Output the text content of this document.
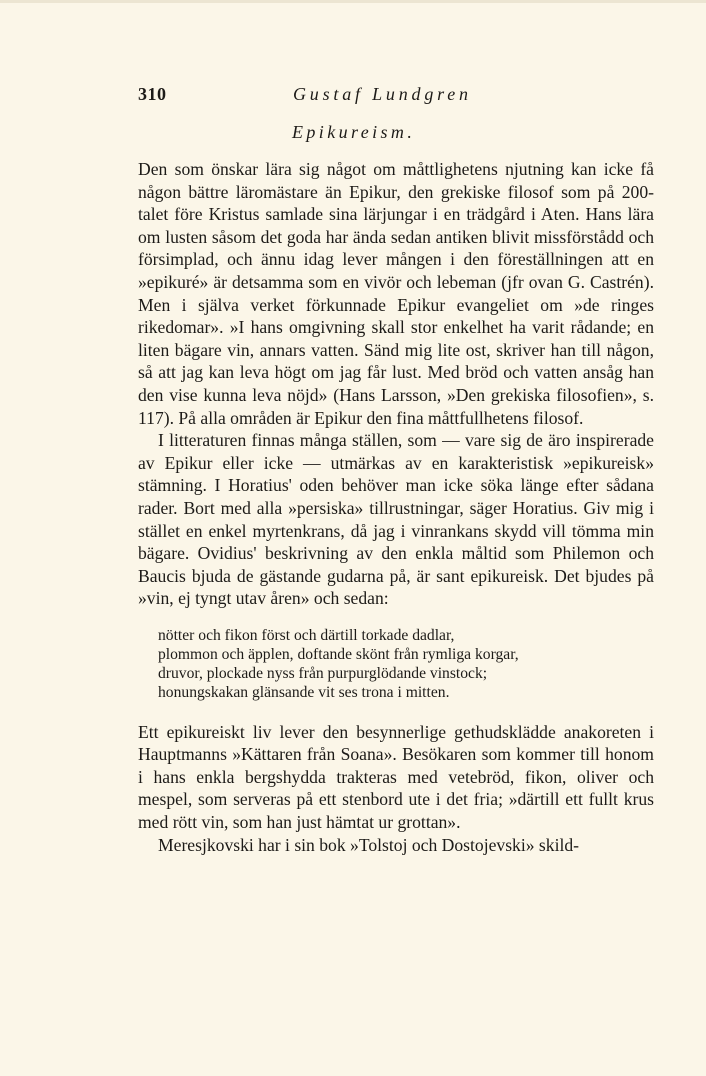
310	Gustaf Lundgren
Epikureism.

Den som önskar lära sig något om måttlighetens njutning kan icke få någon bättre läromästare än Epikur, den grekiske filosof som på 200-talet före Kristus samlade sina lärjungar i en trädgård i Aten. Hans lära om lusten såsom det goda har ända sedan antiken blivit missförstådd och försimplad, och ännu idag lever mången i den föreställningen att en »epikuré» är detsamma som en vivör och lebeman (jfr ovan G. Castrén). Men i själva verket förkunnade Epikur evangeliet om »de ringes rikedomar». »I hans omgivning skall stor enkelhet ha varit rådande; en liten bägare vin, annars vatten. Sänd mig lite ost, skriver han till någon, så att jag kan leva högt om jag får lust. Med bröd och vatten ansåg han den vise kunna leva nöjd» (Hans Larsson, »Den grekiska filosofien», s. 117). På alla områden är Epikur den fina måttfullhetens filosof.

I litteraturen finnas många ställen, som — vare sig de äro inspirerade av Epikur eller icke — utmärkas av en karakteristisk »epikureisk» stämning. I Horatius' oden behöver man icke söka länge efter sådana rader. Bort med alla »persiska» tillrustningar, säger Horatius. Giv mig i stället en enkel myrtenkrans, då jag i vinrankans skydd vill tömma min bägare. Ovidius' beskrivning av den enkla måltid som Philemon och Baucis bjuda de gästande gudarna på, är sant epikureisk. Det bjudes på »vin, ej tyngt utav åren» och sedan:

nötter och fikon först och därtill torkade dadlar,
plommon och äpplen, doftande skönt från rymliga korgar,
druvor, plockade nyss från purpurglödande vinstock;
honungskakan glänsande vit ses trona i mitten.

Ett epikureiskt liv lever den besynnerlige gethudsklädde anakoreten i Hauptmanns »Kättaren från Soana». Besökaren som kommer till honom i hans enkla bergshydda trakteras med vetebröd, fikon, oliver och mespel, som serveras på ett stenbord ute i det fria; »därtill ett fullt krus med rött vin, som han just hämtat ur grottan».

Meresjkovski har i sin bok »Tolstoj och Dostojevski» skild-
